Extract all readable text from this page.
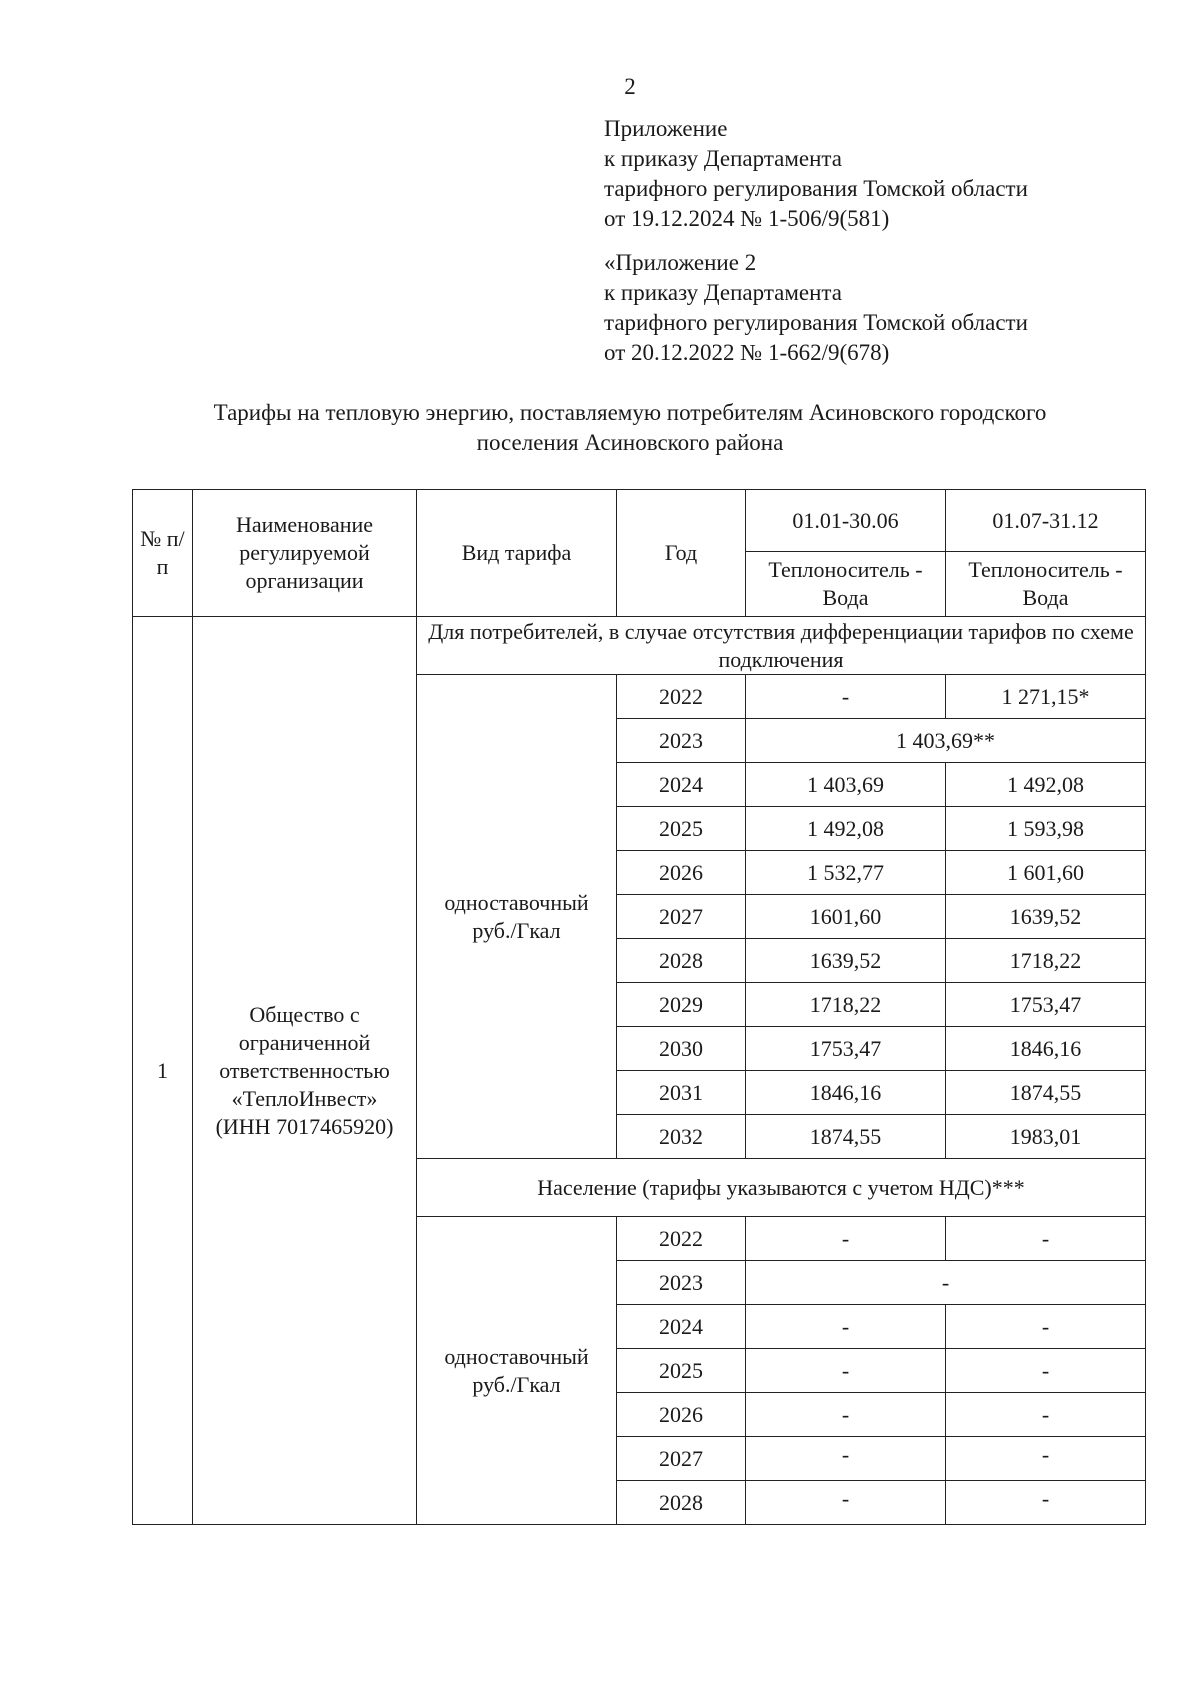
2
Приложение
к приказу Департамента
тарифного регулирования Томской области
от 19.12.2024 № 1-506/9(581)
«Приложение 2
к приказу Департамента
тарифного регулирования Томской области
от 20.12.2022 № 1-662/9(678)
Тарифы на тепловую энергию, поставляемую потребителям Асиновского городского
поселения Асиновского района
№ п/п	Наименование регулируемой организации	Вид тарифа	Год	01.01-30.06	01.07-31.12
				Теплоноситель - Вода	Теплоноситель - Вода
1	Общество с
ограниченной
ответственностью
«ТеплоИнвест»
(ИНН 7017465920)	Для потребителей, в случае отсутствия дифференциации тарифов по схеме подключения			
		одноставочный руб./Гкал	2022	-	1 271,15*
			2023	1 403,69**	
			2024	1 403,69	1 492,08
			2025	1 492,08	1 593,98
			2026	1 532,77	1 601,60
			2027	1601,60	1639,52
			2028	1639,52	1718,22
			2029	1718,22	1753,47
			2030	1753,47	1846,16
			2031	1846,16	1874,55
			2032	1874,55	1983,01
		Население (тарифы указываются с учетом НДС)***			
		одноставочный руб./Гкал	2022	-	-
			2023	-	
			2024	-	-
			2025	-	-
			2026	-	-
			2027	-	-
			2028	-	-
